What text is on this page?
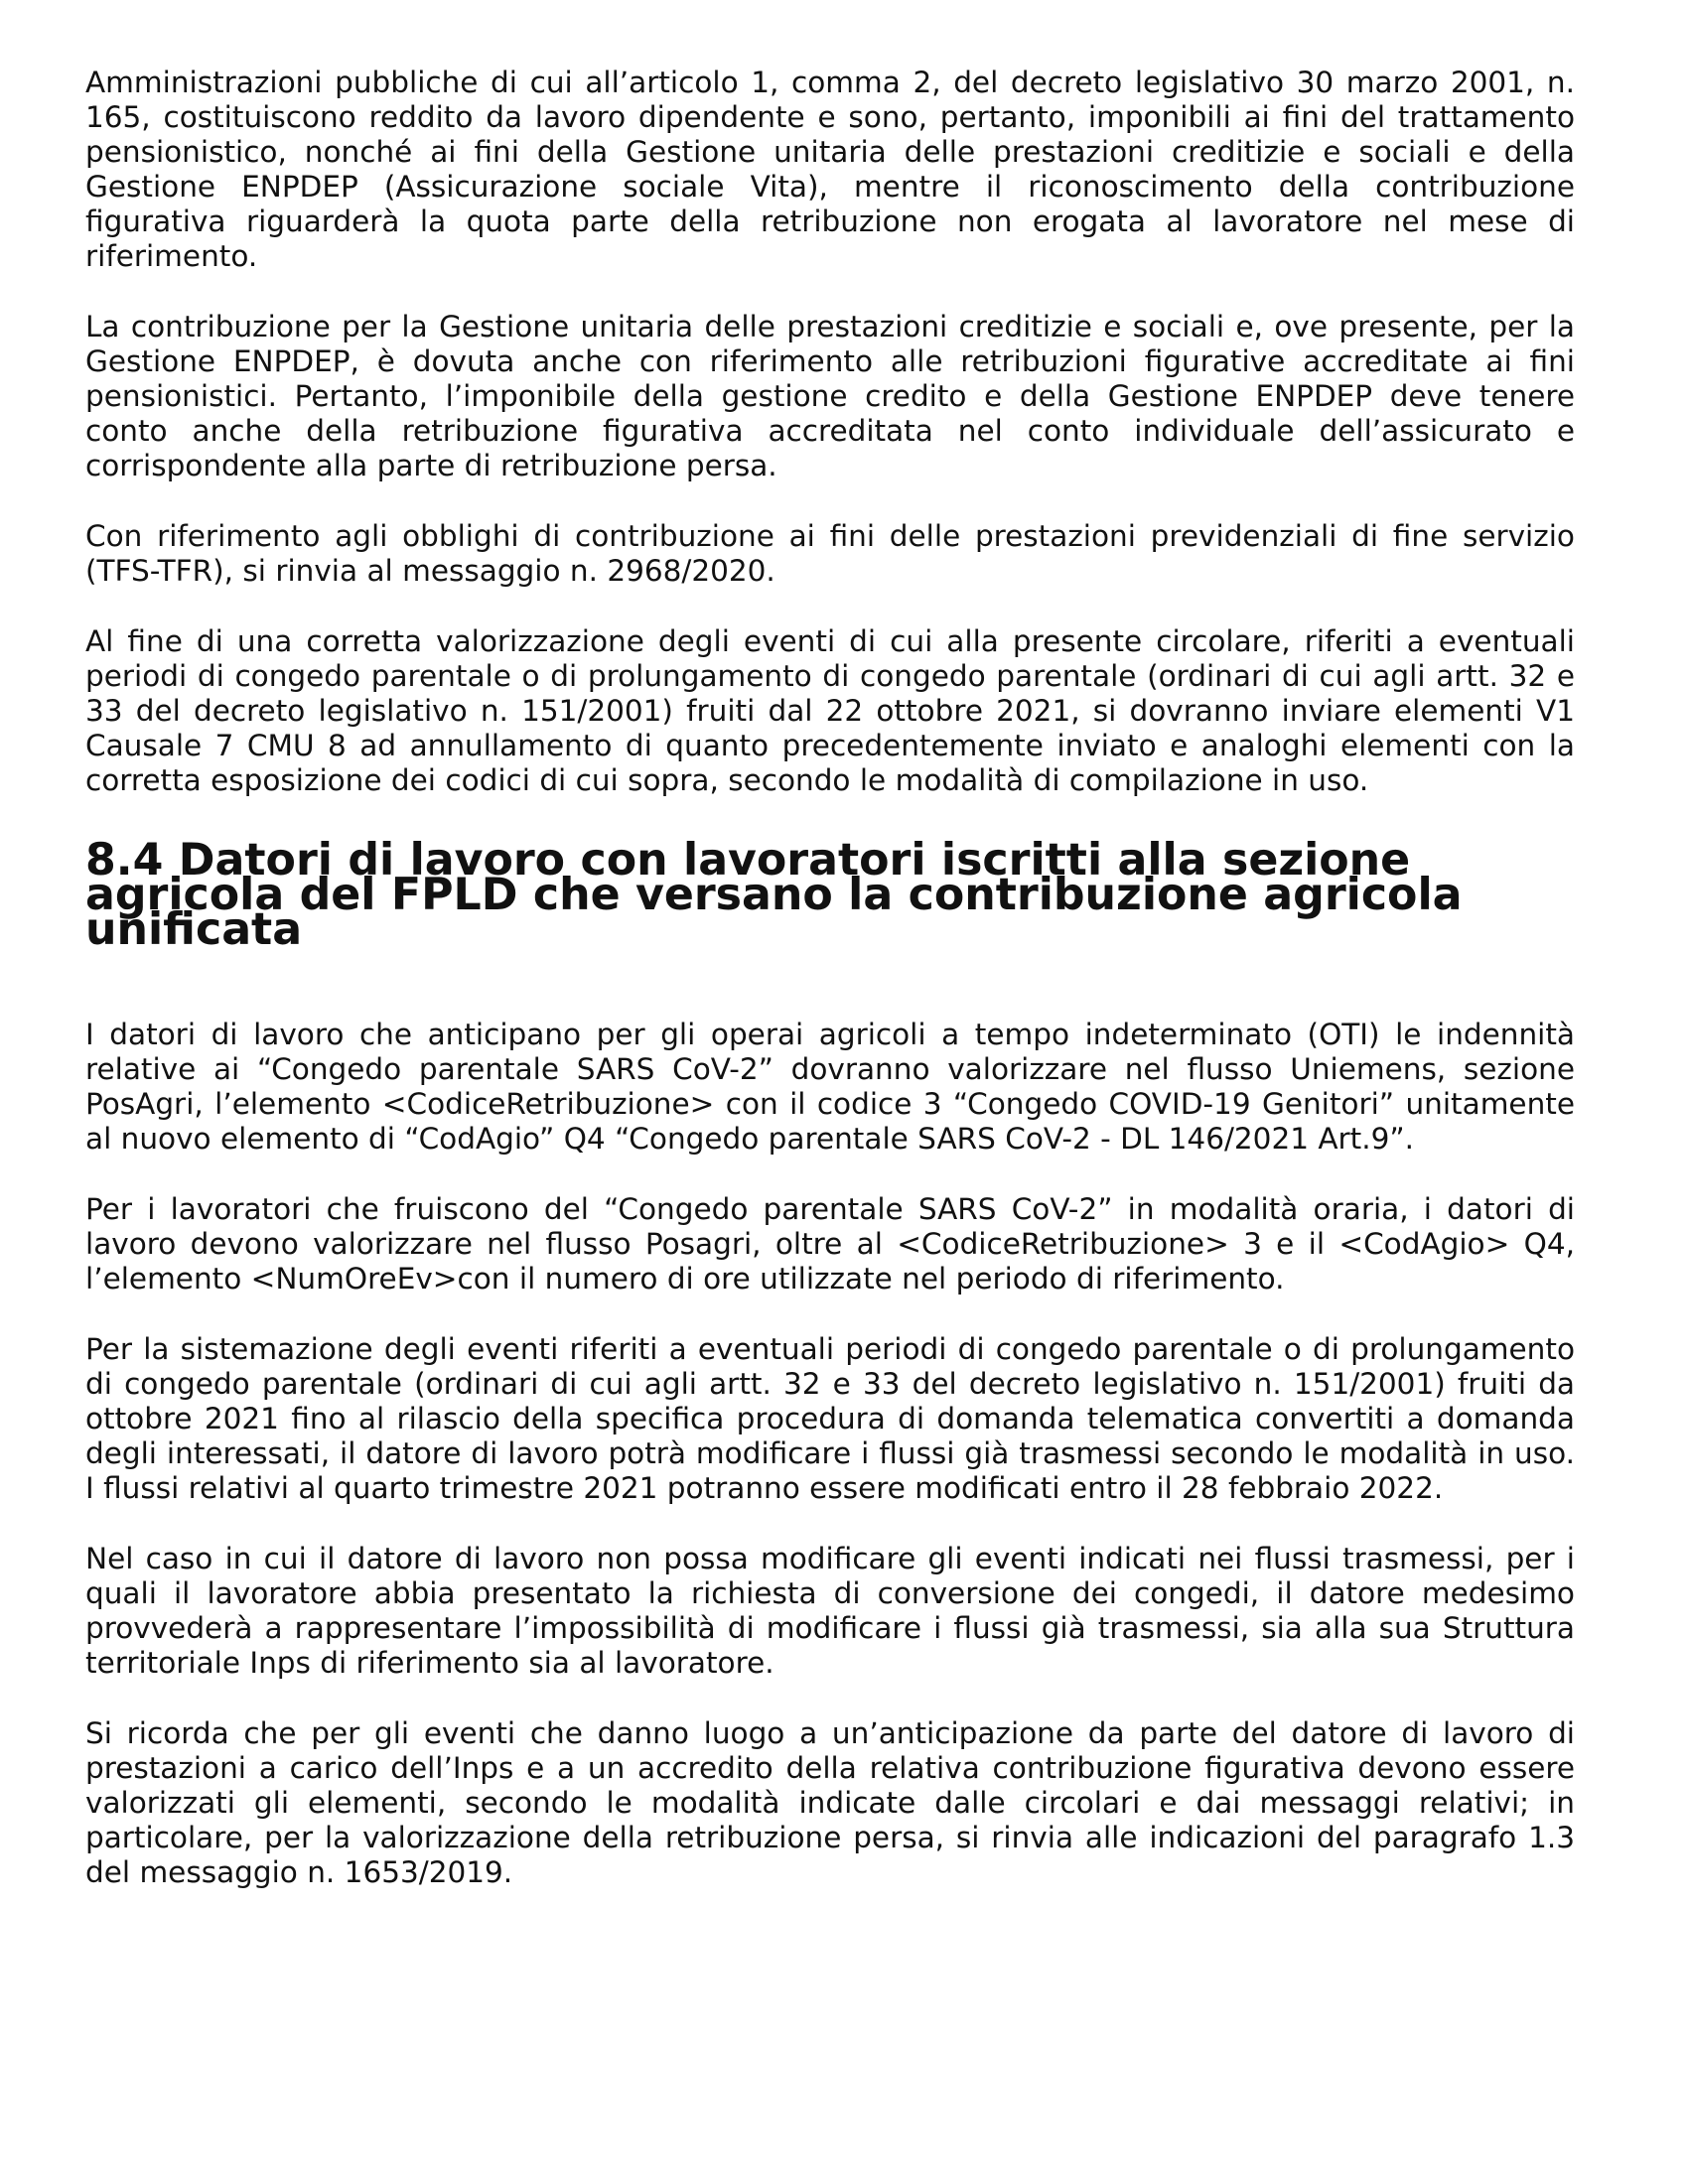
Amministrazioni pubbliche di cui all’articolo 1, comma 2, del decreto legislativo 30 marzo 2001, n. 165, costituiscono reddito da lavoro dipendente e sono, pertanto, imponibili ai fini del trattamento pensionistico, nonché ai fini della Gestione unitaria delle prestazioni creditizie e sociali e della Gestione ENPDEP (Assicurazione sociale Vita), mentre il riconoscimento della contribuzione figurativa riguarderà la quota parte della retribuzione non erogata al lavoratore nel mese di riferimento.

La contribuzione per la Gestione unitaria delle prestazioni creditizie e sociali e, ove presente, per la Gestione ENPDEP, è dovuta anche con riferimento alle retribuzioni figurative accreditate ai fini pensionistici. Pertanto, l’imponibile della gestione credito e della Gestione ENPDEP deve tenere conto anche della retribuzione figurativa accreditata nel conto individuale dell’assicurato e corrispondente alla parte di retribuzione persa.

Con riferimento agli obblighi di contribuzione ai fini delle prestazioni previdenziali di fine servizio (TFS-TFR), si rinvia al messaggio n. 2968/2020.

Al fine di una corretta valorizzazione degli eventi di cui alla presente circolare, riferiti a eventuali periodi di congedo parentale o di prolungamento di congedo parentale (ordinari di cui agli artt. 32 e 33 del decreto legislativo n. 151/2001) fruiti dal 22 ottobre 2021, si dovranno inviare elementi V1 Causale 7 CMU 8 ad annullamento di quanto precedentemente inviato e analoghi elementi con la corretta esposizione dei codici di cui sopra, secondo le modalità di compilazione in uso.

8.4 Datori di lavoro con lavoratori iscritti alla sezione agricola del FPLD che versano la contribuzione agricola unificata

I datori di lavoro che anticipano per gli operai agricoli a tempo indeterminato (OTI) le indennità relative ai “Congedo parentale SARS CoV-2” dovranno valorizzare nel flusso Uniemens, sezione PosAgri, l’elemento <CodiceRetribuzione> con il codice 3 “Congedo COVID-19 Genitori” unitamente al nuovo elemento di “CodAgio” Q4 “Congedo parentale SARS CoV-2 - DL 146/2021 Art.9”.

Per i lavoratori che fruiscono del “Congedo parentale SARS CoV-2” in modalità oraria, i datori di lavoro devono valorizzare nel flusso Posagri, oltre al <CodiceRetribuzione> 3 e il <CodAgio> Q4, l’elemento <NumOreEv>con il numero di ore utilizzate nel periodo di riferimento.

Per la sistemazione degli eventi riferiti a eventuali periodi di congedo parentale o di prolungamento di congedo parentale (ordinari di cui agli artt. 32 e 33 del decreto legislativo n. 151/2001) fruiti da ottobre 2021 fino al rilascio della specifica procedura di domanda telematica convertiti a domanda degli interessati, il datore di lavoro potrà modificare i flussi già trasmessi secondo le modalità in uso. I flussi relativi al quarto trimestre 2021 potranno essere modificati entro il 28 febbraio 2022.

Nel caso in cui il datore di lavoro non possa modificare gli eventi indicati nei flussi trasmessi, per i quali il lavoratore abbia presentato la richiesta di conversione dei congedi, il datore medesimo provvederà a rappresentare l’impossibilità di modificare i flussi già trasmessi, sia alla sua Struttura territoriale Inps di riferimento sia al lavoratore.

Si ricorda che per gli eventi che danno luogo a un’anticipazione da parte del datore di lavoro di prestazioni a carico dell’Inps e a un accredito della relativa contribuzione figurativa devono essere valorizzati gli elementi, secondo le modalità indicate dalle circolari e dai messaggi relativi; in particolare, per la valorizzazione della retribuzione persa, si rinvia alle indicazioni del paragrafo 1.3 del messaggio n. 1653/2019.
